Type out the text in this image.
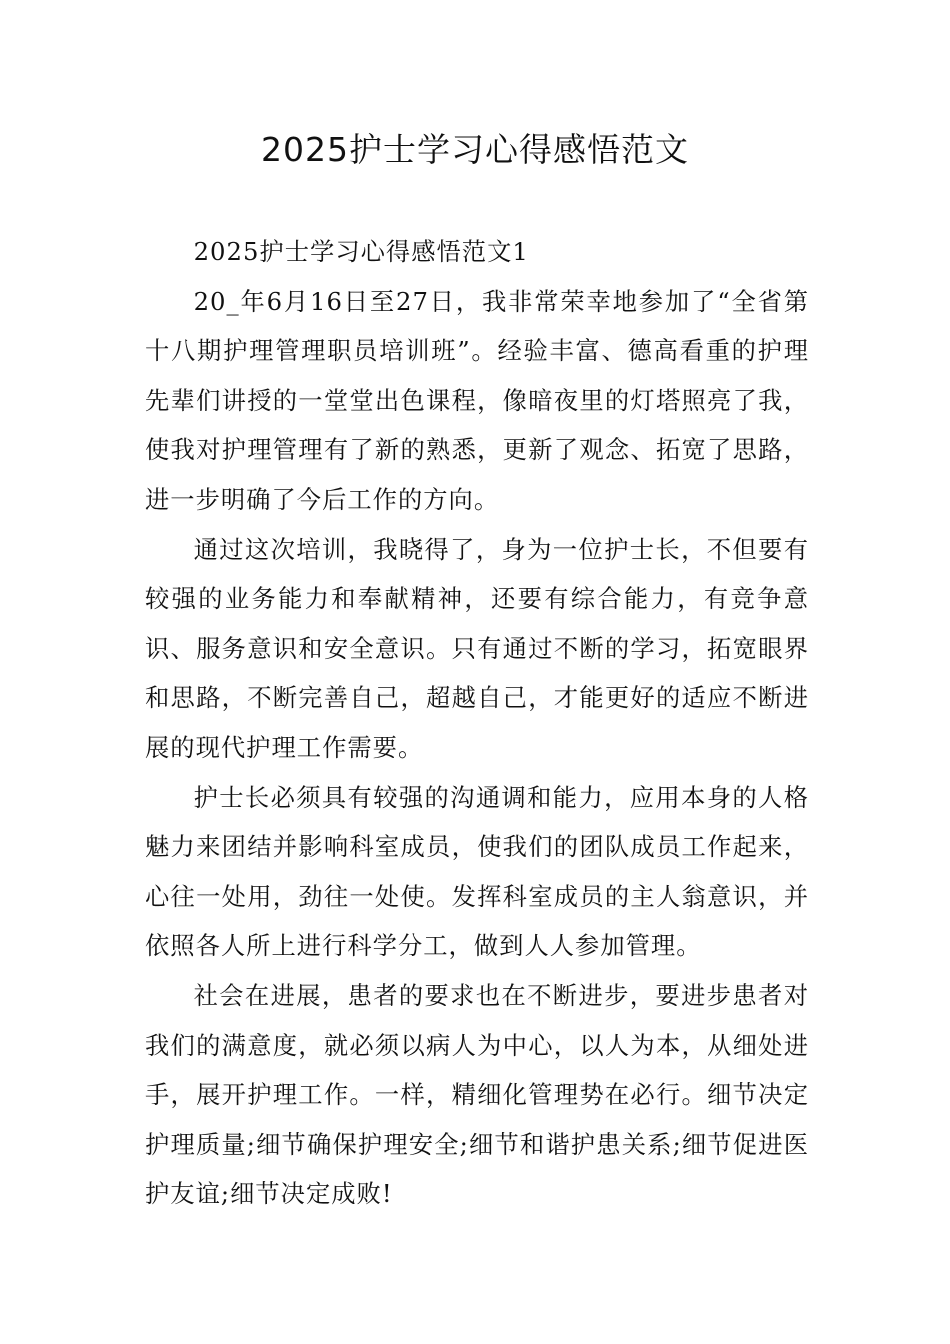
2025护士学习心得感悟范文

2025护士学习心得感悟范文1

20_年6月16日至27日，我非常荣幸地参加了“全省第十八期护理管理职员培训班”。经验丰富、德高看重的护理先辈们讲授的一堂堂出色课程，像暗夜里的灯塔照亮了我，使我对护理管理有了新的熟悉，更新了观念、拓宽了思路，进一步明确了今后工作的方向。

通过这次培训，我晓得了，身为一位护士长，不但要有较强的业务能力和奉献精神，还要有综合能力，有竞争意识、服务意识和安全意识。只有通过不断的学习，拓宽眼界和思路，不断完善自己，超越自己，才能更好的适应不断进展的现代护理工作需要。

护士长必须具有较强的沟通调和能力，应用本身的人格魅力来团结并影响科室成员，使我们的团队成员工作起来，心往一处用，劲往一处使。发挥科室成员的主人翁意识，并依照各人所上进行科学分工，做到人人参加管理。

社会在进展，患者的要求也在不断进步，要进步患者对我们的满意度，就必须以病人为中心，以人为本，从细处进手，展开护理工作。一样，精细化管理势在必行。细节决定护理质量;细节确保护理安全;细节和谐护患关系;细节促进医护友谊;细节决定成败!
